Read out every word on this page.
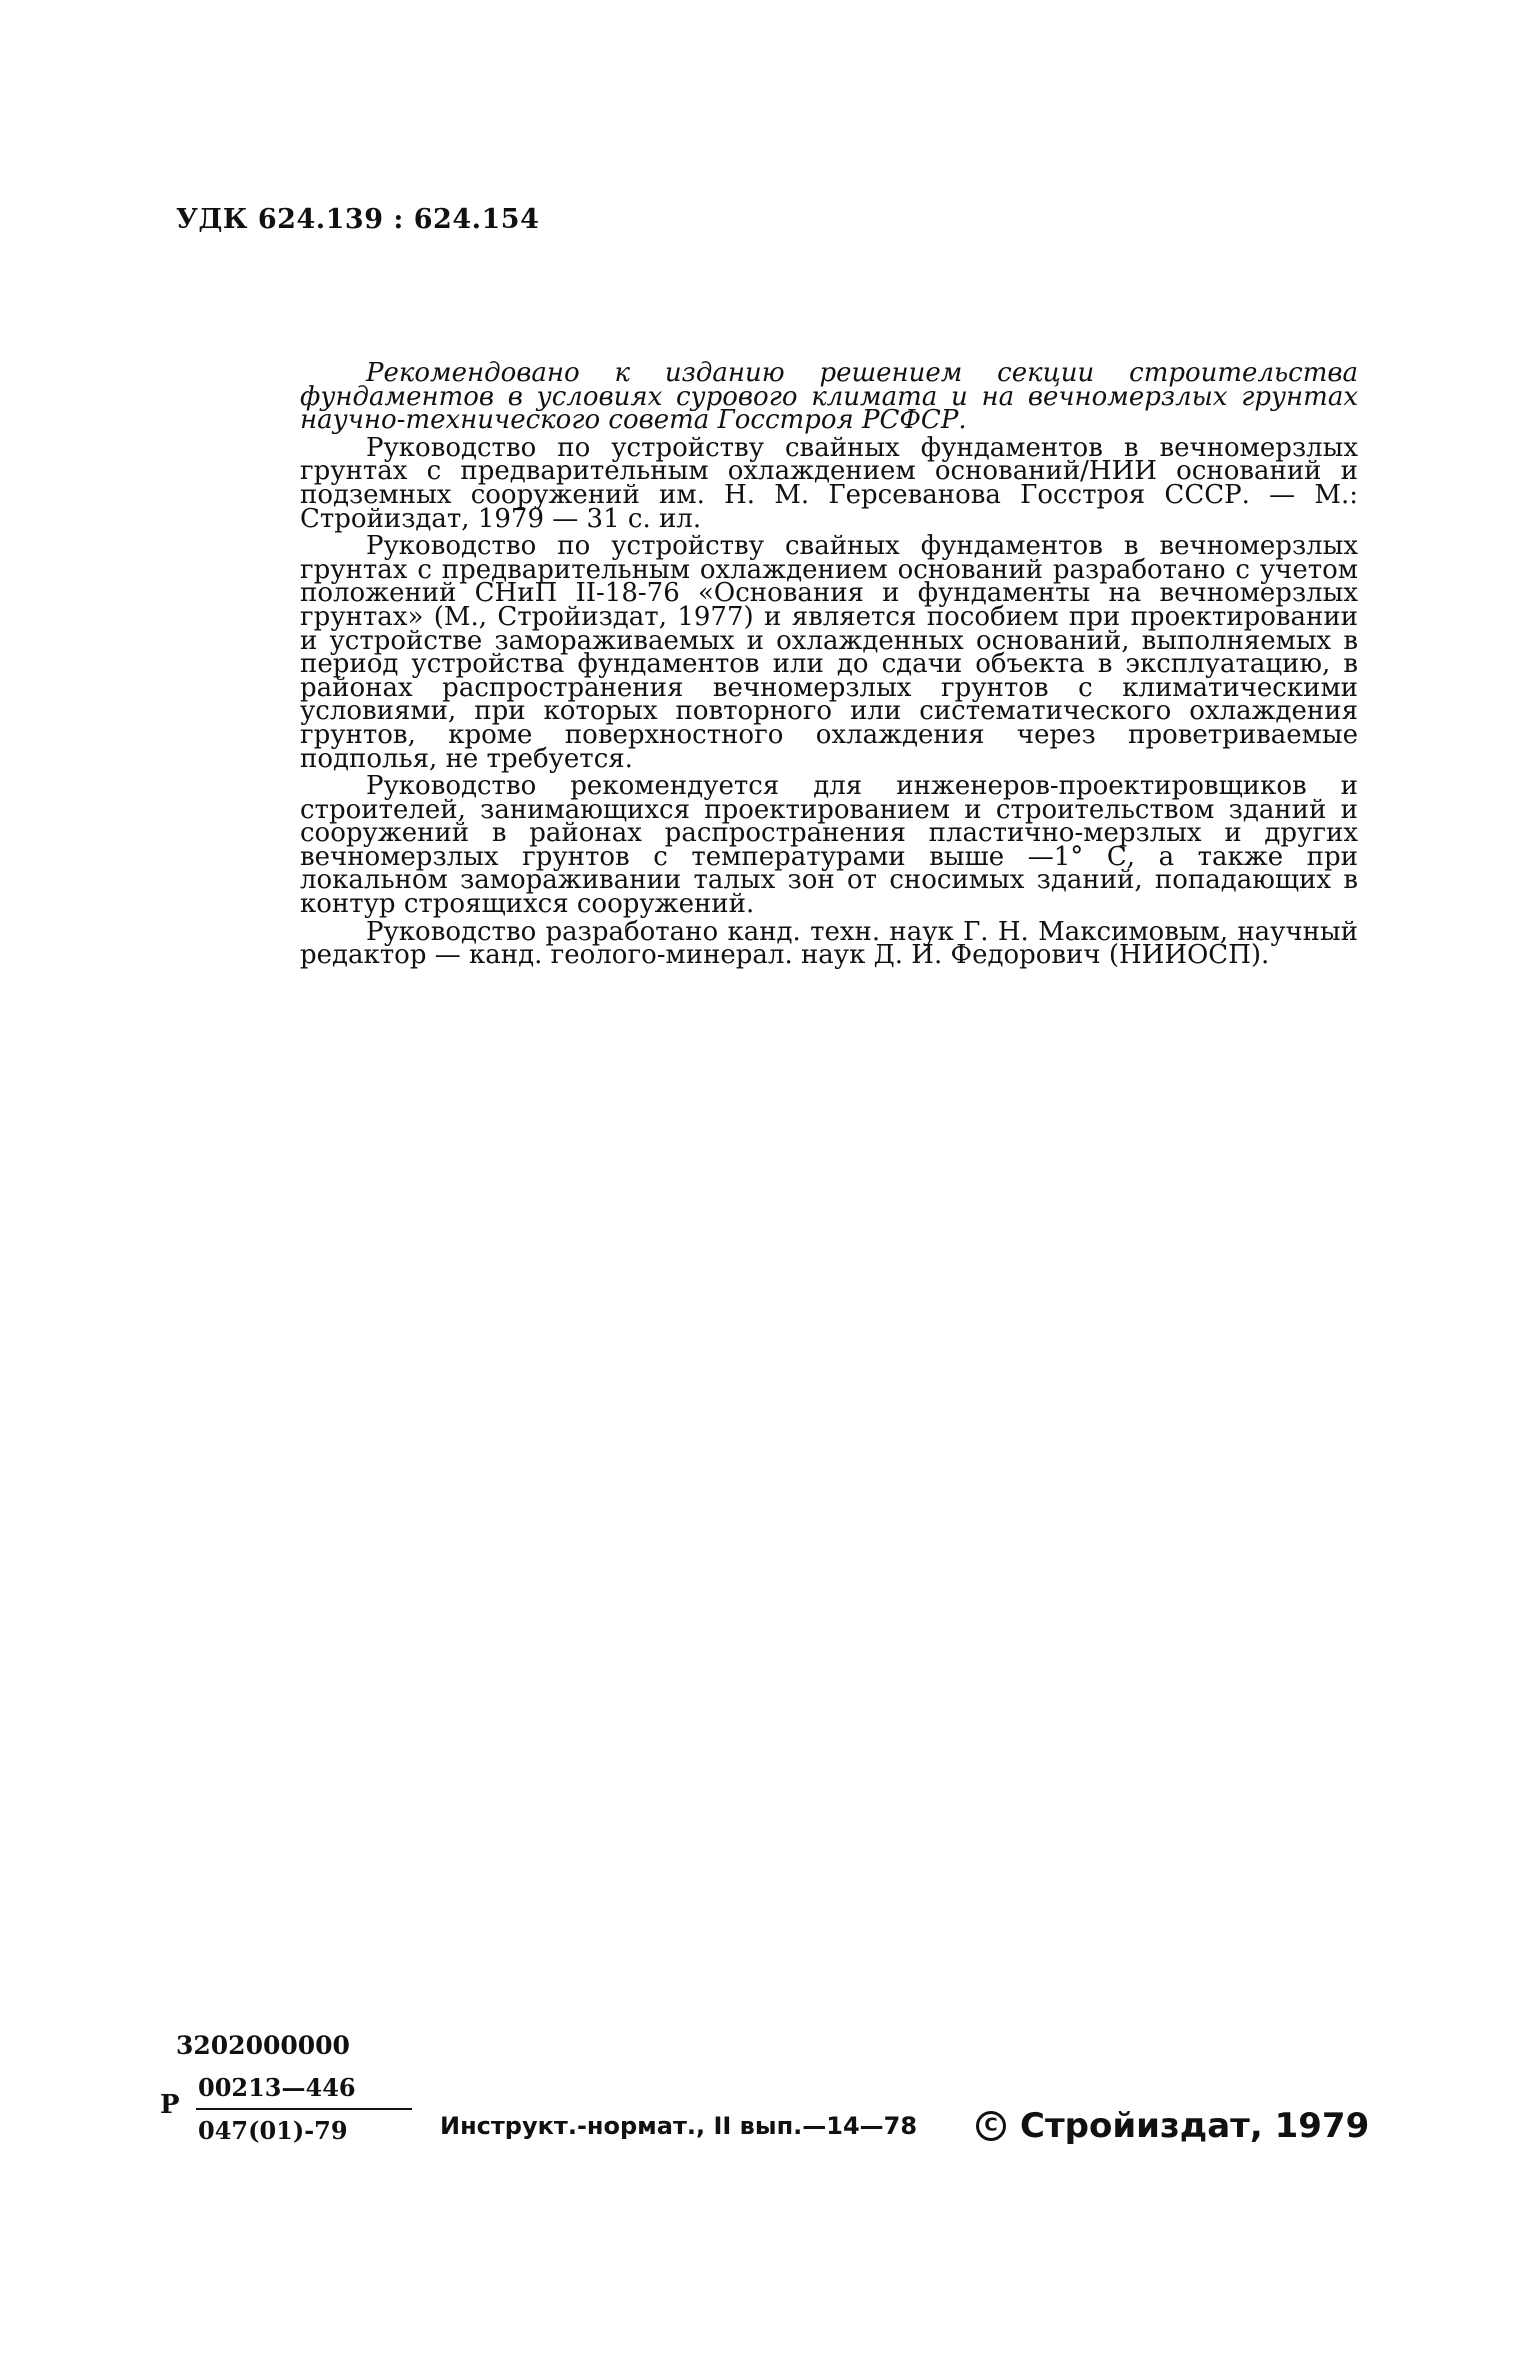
УДК 624.139 : 624.154

Рекомендовано к изданию решением секции строительства фундаментов в условиях сурового климата и на вечномерзлых грунтах научно-технического совета Госстроя РСФСР.

Руководство по устройству свайных фундаментов в вечномерзлых грунтах с предварительным охлаждением оснований/НИИ оснований и подземных сооружений им. Н. М. Герсеванова Госстроя СССР. — М.: Стройиздат, 1979 — 31 с. ил.

Руководство по устройству свайных фундаментов в вечномерзлых грунтах с предварительным охлаждением оснований разработано с учетом положений СНиП II-18-76 «Основания и фундаменты на вечномерзлых грунтах» (М., Стройиздат, 1977) и является пособием при проектировании и устройстве замораживаемых и охлажденных оснований, выполняемых в период устройства фундаментов или до сдачи объекта в эксплуатацию, в районах распространения вечномерзлых грунтов с климатическими условиями, при которых повторного или систематического охлаждения грунтов, кроме поверхностного охлаждения через проветриваемые подполья, не требуется.

Руководство рекомендуется для инженеров-проектировщиков и строителей, занимающихся проектированием и строительством зданий и сооружений в районах распространения пластично-мерзлых и других вечномерзлых грунтов с температурами выше —1° С, а также при локальном замораживании талых зон от сносимых зданий, попадающих в контур строящихся сооружений.

Руководство разработано канд. техн. наук Г. Н. Максимовым, научный редактор — канд. геолого-минерал. наук Д. И. Федорович (НИИОСП).

3202000000
Р
00213—446
047(01)-79	Инструкт.-нормат., II вып.—14—78
C	Стройиздат, 1979
